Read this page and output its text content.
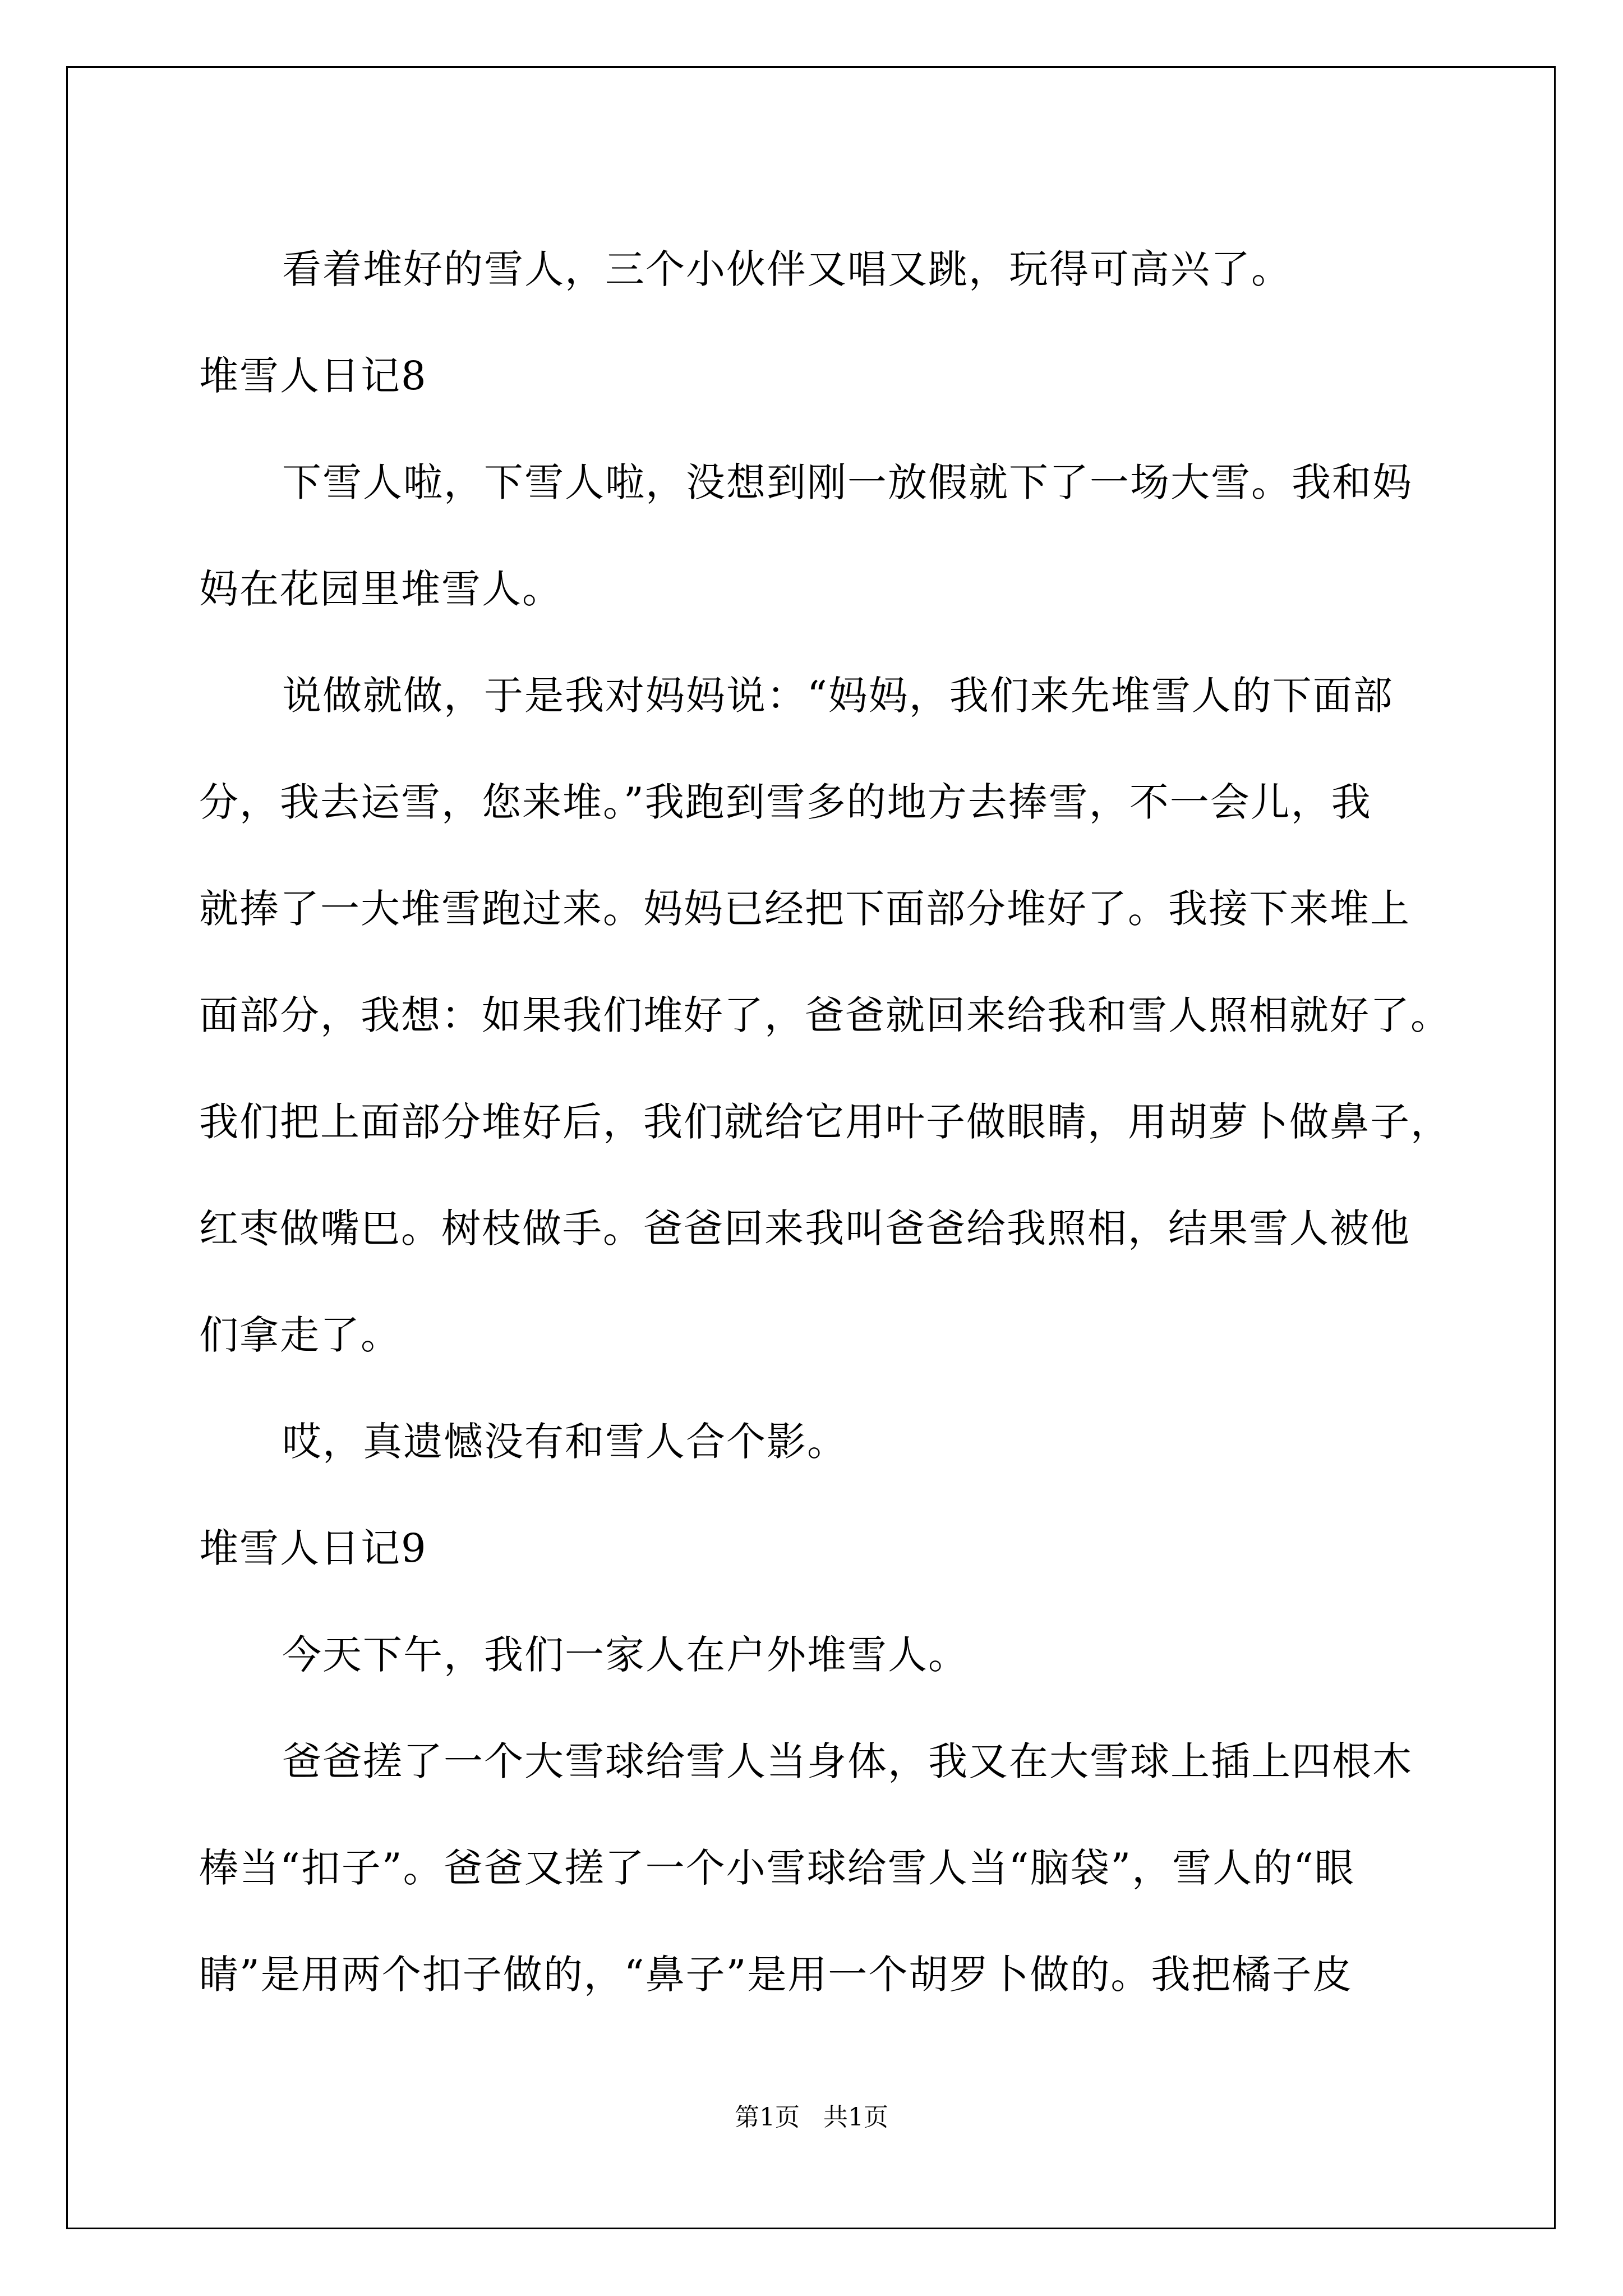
看着堆好的雪人，三个小伙伴又唱又跳，玩得可高兴了。
堆雪人日记8
下雪人啦，下雪人啦，没想到刚一放假就下了一场大雪。我和妈
妈在花园里堆雪人。
说做就做，于是我对妈妈说：“妈妈，我们来先堆雪人的下面部
分，我去运雪，您来堆。”我跑到雪多的地方去捧雪，不一会儿，我
就捧了一大堆雪跑过来。妈妈已经把下面部分堆好了。我接下来堆上
面部分，我想：如果我们堆好了，爸爸就回来给我和雪人照相就好了。
我们把上面部分堆好后，我们就给它用叶子做眼睛，用胡萝卜做鼻子，
红枣做嘴巴。树枝做手。爸爸回来我叫爸爸给我照相，结果雪人被他
们拿走了。
哎，真遗憾没有和雪人合个影。
堆雪人日记9
今天下午，我们一家人在户外堆雪人。
爸爸搓了一个大雪球给雪人当身体，我又在大雪球上插上四根木
棒当“扣子”。爸爸又搓了一个小雪球给雪人当“脑袋”，雪人的“眼
睛”是用两个扣子做的，“鼻子”是用一个胡罗卜做的。我把橘子皮
第1页   共1页
